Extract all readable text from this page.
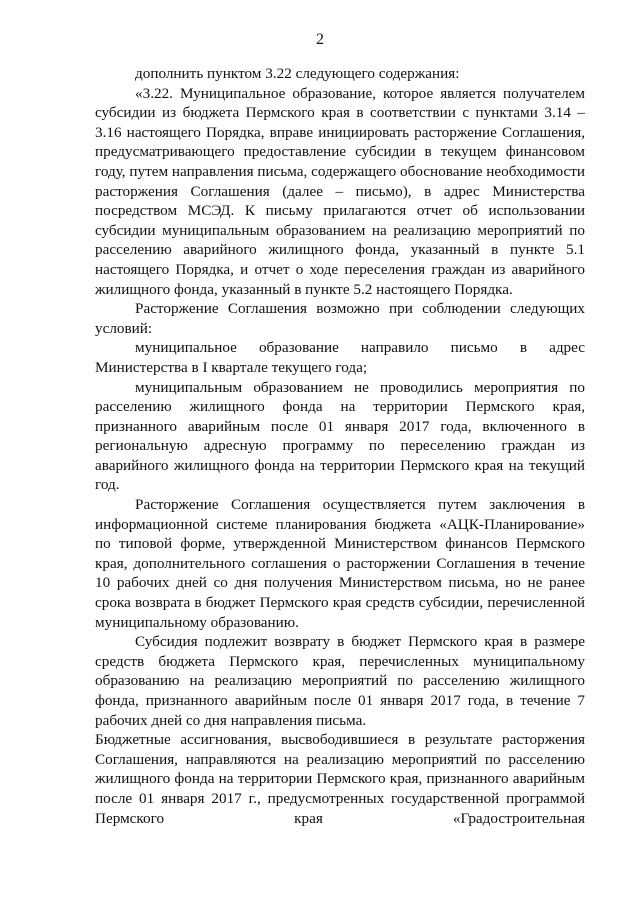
2

дополнить пунктом 3.22 следующего содержания:

«3.22. Муниципальное образование, которое является получателем субсидии из бюджета Пермского края в соответствии с пунктами 3.14 – 3.16 настоящего Порядка, вправе инициировать расторжение Соглашения, предусматривающего предоставление субсидии в текущем финансовом году, путем направления письма, содержащего обоснование необходимости расторжения Соглашения (далее – письмо), в адрес Министерства посредством МСЭД. К письму прилагаются отчет об использовании субсидии муниципальным образованием на реализацию мероприятий по расселению аварийного жилищного фонда, указанный в пункте 5.1 настоящего Порядка, и отчет о ходе переселения граждан из аварийного жилищного фонда, указанный в пункте 5.2 настоящего Порядка.

Расторжение Соглашения возможно при соблюдении следующих условий:

муниципальное образование направило письмо в адрес Министерства в I квартале текущего года;

муниципальным образованием не проводились мероприятия по расселению жилищного фонда на территории Пермского края, признанного аварийным после 01 января 2017 года, включенного в региональную адресную программу по переселению граждан из аварийного жилищного фонда на территории Пермского края на текущий год.

Расторжение Соглашения осуществляется путем заключения в информационной системе планирования бюджета «АЦК-Планирование» по типовой форме, утвержденной Министерством финансов Пермского края, дополнительного соглашения о расторжении Соглашения в течение 10 рабочих дней со дня получения Министерством письма, но не ранее срока возврата в бюджет Пермского края средств субсидии, перечисленной муниципальному образованию.

Субсидия подлежит возврату в бюджет Пермского края в размере средств бюджета Пермского края, перечисленных муниципальному образованию на реализацию мероприятий по расселению жилищного фонда, признанного аварийным после 01 января 2017 года, в течение 7 рабочих дней со дня направления письма.

Бюджетные ассигнования, высвободившиеся в результате расторжения Соглашения, направляются на реализацию мероприятий по расселению жилищного фонда на территории Пермского края, признанного аварийным после 01 января 2017 г., предусмотренных государственной программой Пермского края «Градостроительная
